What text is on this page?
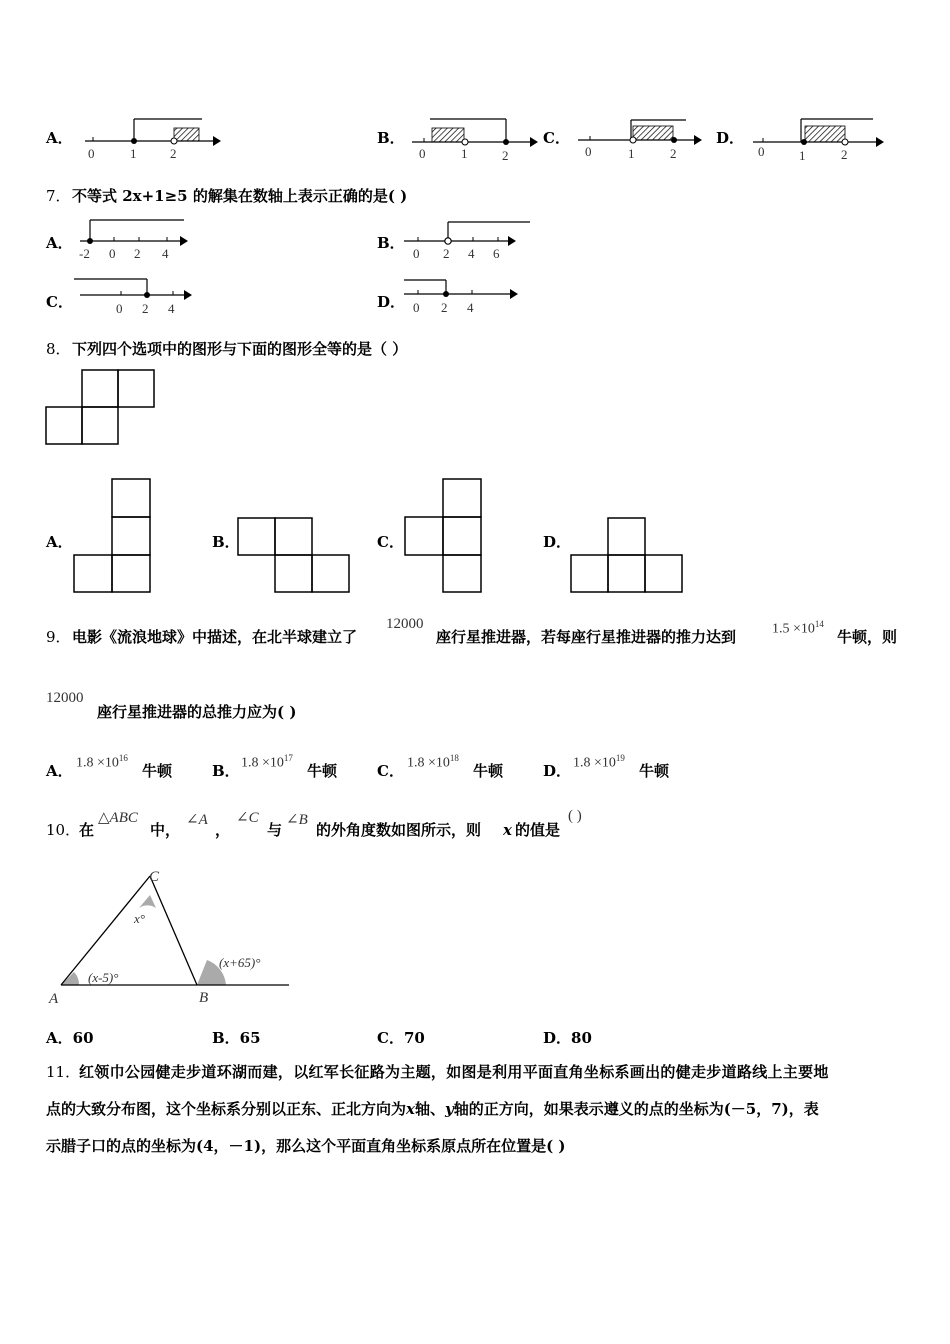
A．
0	1	2
B．
0	1	2
C．
0	1	2
D．
0	1	2
7． 不等式 2x+1≥5 的解集在数轴上表示正确的是( )
A．
-2 0 2 4
B．
0 2 4 6
C．	0 2 4	D． 0 2 4
8． 下列四个选项中的图形与下面的图形全等的是（ ）
A．	B．	C．	D．
9． 电影《流浪地球》中描述，在北半球建立了
12000
座行星推进器，若每座行星推进器的推力达到	$1.5 \times 10^{14}$
牛顿，则
12000
座行星推进器的总推力应为( )
A． $1.8 \times 10^{16}$
牛顿	B． $1.8 \times 10^{17}$
牛顿	C． $1.8 \times 10^{18}$
牛顿	D． $1.8 \times 10^{19}$
牛顿
10．
在
△ABC
中，
∠A
，
∠C
与
∠B
的外角度数如图所示，则 x 的值是
( )
C
A	B
x°
(x-5)°
(x+65)°
A．60	B．65	C．70	D．80
11．
红领巾公园健走步道环湖而建，以红军长征路为主题，如图是利用平面直角坐标系画出的健走步道路线上主要地
点的大致分布图，这个坐标系分别以正东、正北方向为x轴、y轴的正方向，如果表示遵义的点的坐标为(－5，7)，表
示腊子口的点的坐标为(4，－1)，那么这个平面直角坐标系原点所在位置是( )
